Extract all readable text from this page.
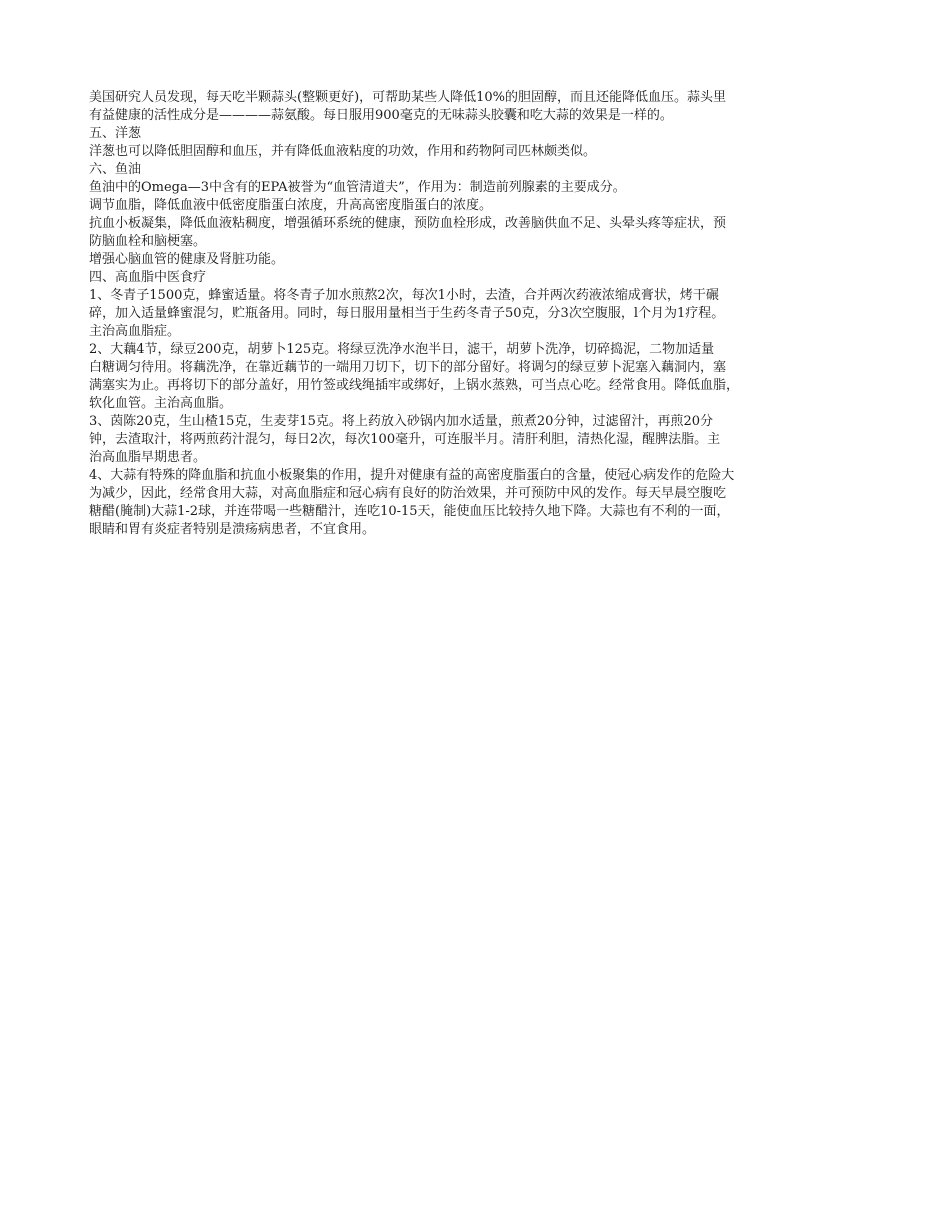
美国研究人员发现，每天吃半颗蒜头(整颗更好)，可帮助某些人降低10%的胆固醇，而且还能降低血压。蒜头里
有益健康的活性成分是————蒜氨酸。每日服用900毫克的无味蒜头胶囊和吃大蒜的效果是一样的。
五、洋葱
洋葱也可以降低胆固醇和血压，并有降低血液粘度的功效，作用和药物阿司匹林颇类似。
六、鱼油
鱼油中的Omega—3中含有的EPA被誉为“血管清道夫”，作用为：制造前列腺素的主要成分。
调节血脂，降低血液中低密度脂蛋白浓度，升高高密度脂蛋白的浓度。
抗血小板凝集，降低血液粘稠度，增强循环系统的健康，预防血栓形成，改善脑供血不足、头晕头疼等症状，预
防脑血栓和脑梗塞。
增强心脑血管的健康及肾脏功能。
四、高血脂中医食疗
1、冬青子1500克，蜂蜜适量。将冬青子加水煎熬2次，每次1小时，去渣，合并两次药液浓缩成膏状，烤干碾
碎，加入适量蜂蜜混匀，贮瓶备用。同时，每日服用量相当于生药冬青子50克，分3次空腹服，l个月为1疗程。
主治高血脂症。
2、大藕4节，绿豆200克，胡萝卜125克。将绿豆洗净水泡半日，滤干，胡萝卜洗净，切碎捣泥，二物加适量
白糖调匀待用。将藕洗净，在靠近藕节的一端用刀切下，切下的部分留好。将调匀的绿豆萝卜泥塞入藕洞内，塞
满塞实为止。再将切下的部分盖好，用竹签或线绳插牢或绑好，上锅水蒸熟，可当点心吃。经常食用。降低血脂，
软化血管。主治高血脂。
3、茵陈20克，生山楂15克，生麦芽15克。将上药放入砂锅内加水适量，煎煮20分钟，过滤留汁，再煎20分
钟，去渣取汁，将两煎药汁混匀，每日2次，每次100毫升，可连服半月。清肝利胆，清热化湿，醒脾法脂。主
治高血脂早期患者。
4、大蒜有特殊的降血脂和抗血小板聚集的作用，提升对健康有益的高密度脂蛋白的含量，使冠心病发作的危险大
为减少，因此，经常食用大蒜，对高血脂症和冠心病有良好的防治效果，并可预防中风的发作。每天早晨空腹吃
糖醋(腌制)大蒜1-2球，并连带喝一些糖醋汁，连吃10-15天，能使血压比较持久地下降。大蒜也有不利的一面，
眼睛和胃有炎症者特别是溃疡病患者，不宜食用。
